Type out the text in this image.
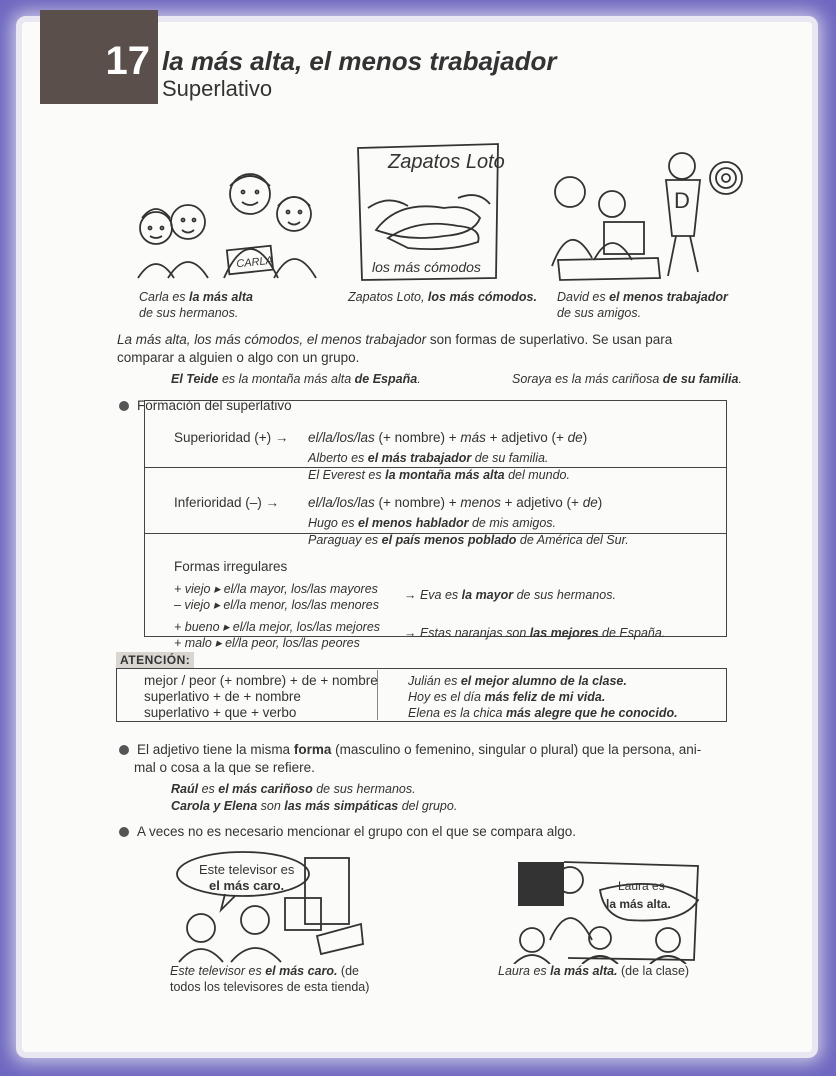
17 la más alta, el menos trabajador
Superlativo
CARLA
Zapatos Loto
los más cómodos
D
Carla es la más alta
de sus hermanos.
Zapatos Loto, los más cómodos. David es el menos trabajador
de sus amigos.
La más alta, los más cómodos, el menos trabajador son formas de superlativo. Se usan para
comparar a alguien o algo con un grupo.
El Teide es la montaña más alta de España.	Soraya es la más cariñosa de su familia.
Formación del superlativo
Superioridad (+) → el/la/los/las (+ nombre) + más + adjetivo (+ de)
Alberto es el más trabajador de su familia.
El Everest es la montaña más alta del mundo.
Inferioridad (–) → el/la/los/las (+ nombre) + menos + adjetivo (+ de)
Hugo es el menos hablador de mis amigos.
Paraguay es el país menos poblado de América del Sur.
Formas irregulares
+ viejo ▸ el/la mayor, los/las mayores
– viejo ▸ el/la menor, los/las menores
→ Eva es la mayor de sus hermanos.
+ bueno ▸ el/la mejor, los/las mejores
+ malo ▸ el/la peor, los/las peores
→ Estas naranjas son las mejores de España.
ATENCIÓN:
mejor / peor (+ nombre) + de + nombre
superlativo + de + nombre
superlativo + que + verbo
Julián es el mejor alumno de la clase.
Hoy es el día más feliz de mi vida.
Elena es la chica más alegre que he conocido.
El adjetivo tiene la misma forma (masculino o femenino, singular o plural) que la persona, ani-
mal o cosa a la que se refiere.
Raúl es el más cariñoso de sus hermanos.
Carola y Elena son las más simpáticas del grupo.
A veces no es necesario mencionar el grupo con el que se compara algo.
Este televisor es
el más caro.	Laura es
la más alta.
Este televisor es el más caro. (de
todos los televisores de esta tienda)
Laura es la más alta. (de la clase)
